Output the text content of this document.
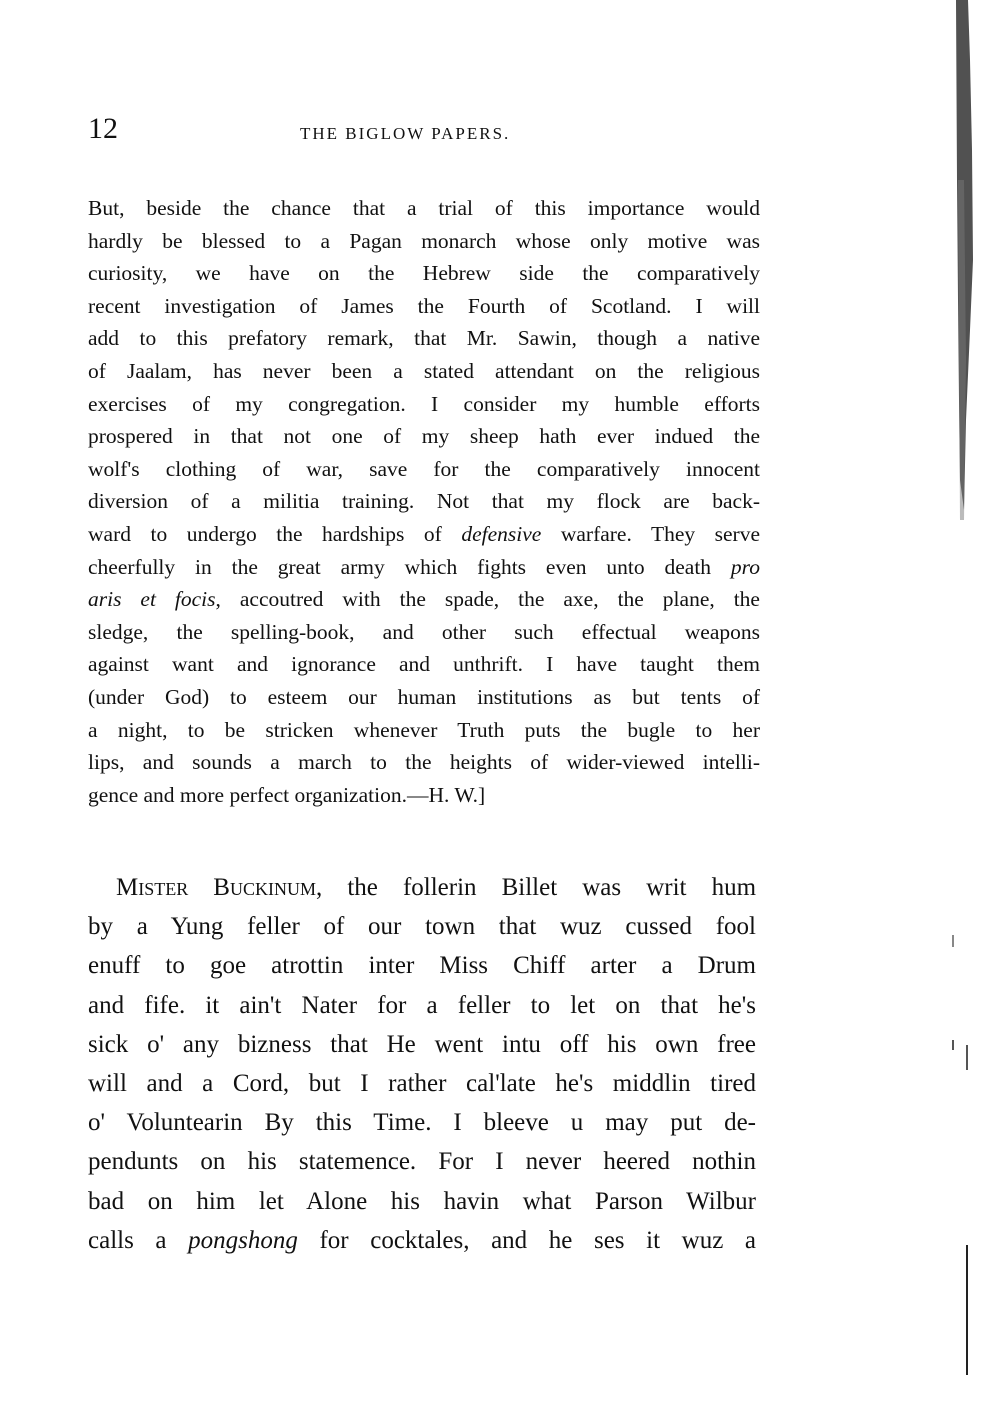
12	THE BIGLOW PAPERS.
But, beside the chance that a trial of this importance would
hardly be blessed to a Pagan monarch whose only motive was
curiosity, we have on the Hebrew side the comparatively
recent investigation of James the Fourth of Scotland. I will
add to this prefatory remark, that Mr. Sawin, though a native
of Jaalam, has never been a stated attendant on the religious
exercises of my congregation. I consider my humble efforts
prospered in that not one of my sheep hath ever indued the
wolf's clothing of war, save for the comparatively innocent
diversion of a militia training. Not that my flock are back-
ward to undergo the hardships of defensive warfare. They serve
cheerfully in the great army which fights even unto death pro
aris et focis, accoutred with the spade, the axe, the plane, the
sledge, the spelling-book, and other such effectual weapons
against want and ignorance and unthrift. I have taught them
(under God) to esteem our human institutions as but tents of
a night, to be stricken whenever Truth puts the bugle to her
lips, and sounds a march to the heights of wider-viewed intelli-
gence and more perfect organization.—H. W.]
Mister Buckinum, the follerin Billet was writ hum
by a Yung feller of our town that wuz cussed fool
enuff to goe atrottin inter Miss Chiff arter a Drum
and fife. it ain't Nater for a feller to let on that he's
sick o' any bizness that He went intu off his own free
will and a Cord, but I rather cal'late he's middlin tired
o' Voluntearin By this Time. I bleeve u may put de-
pendunts on his statemence. For I never heered nothin
bad on him let Alone his havin what Parson Wilbur
calls a pongshong for cocktales, and he ses it wuz a
